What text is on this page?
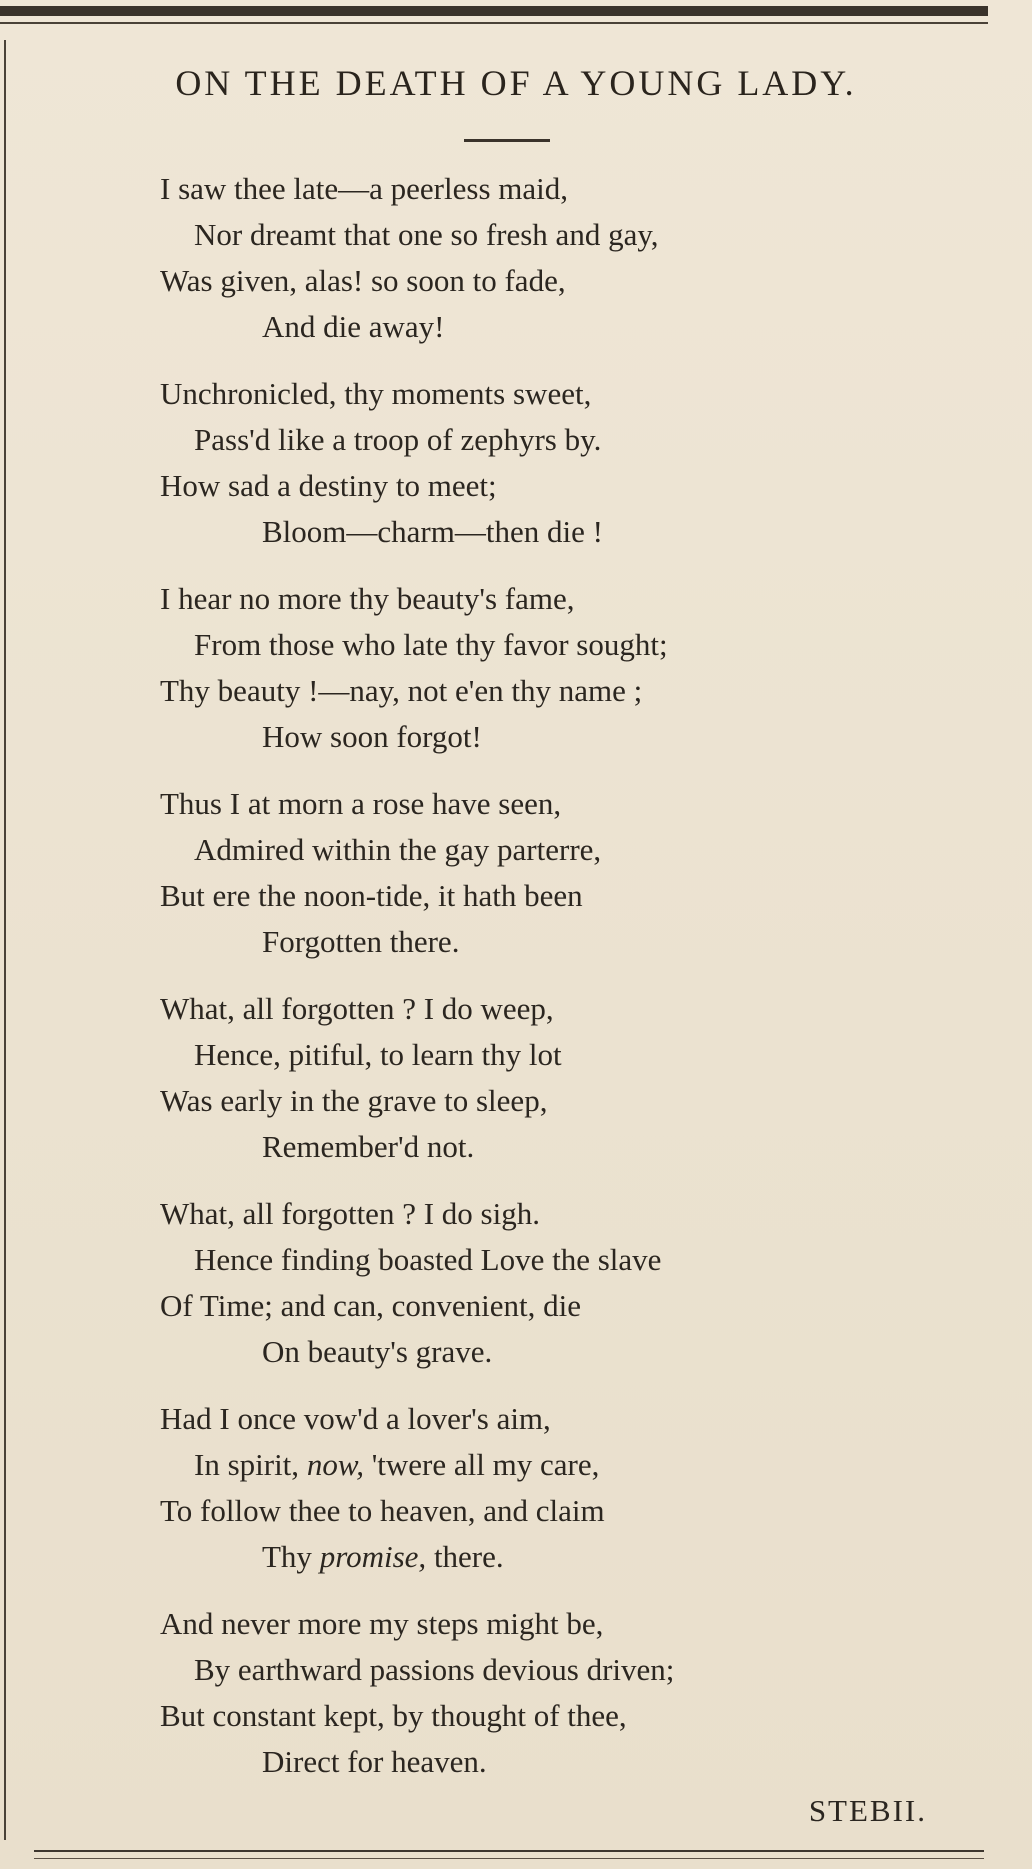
ON THE DEATH OF A YOUNG LADY.
I saw thee late—a peerless maid,
Nor dreamt that one so fresh and gay,
Was given, alas! so soon to fade,
And die away!
Unchronicled, thy moments sweet,
Pass'd like a troop of zephyrs by.
How sad a destiny to meet;
Bloom—charm—then die !
I hear no more thy beauty's fame,
From those who late thy favor sought;
Thy beauty !—nay, not e'en thy name ;
How soon forgot!
Thus I at morn a rose have seen,
Admired within the gay parterre,
But ere the noon-tide, it hath been
Forgotten there.
What, all forgotten ? I do weep,
Hence, pitiful, to learn thy lot
Was early in the grave to sleep,
Remember'd not.
What, all forgotten ? I do sigh.
Hence finding boasted Love the slave
Of Time; and can, convenient, die
On beauty's grave.
Had I once vow'd a lover's aim,
In spirit, now, 'twere all my care,
To follow thee to heaven, and claim
Thy promise, there.
And never more my steps might be,
By earthward passions devious driven;
But constant kept, by thought of thee,
Direct for heaven.
STEBII.
